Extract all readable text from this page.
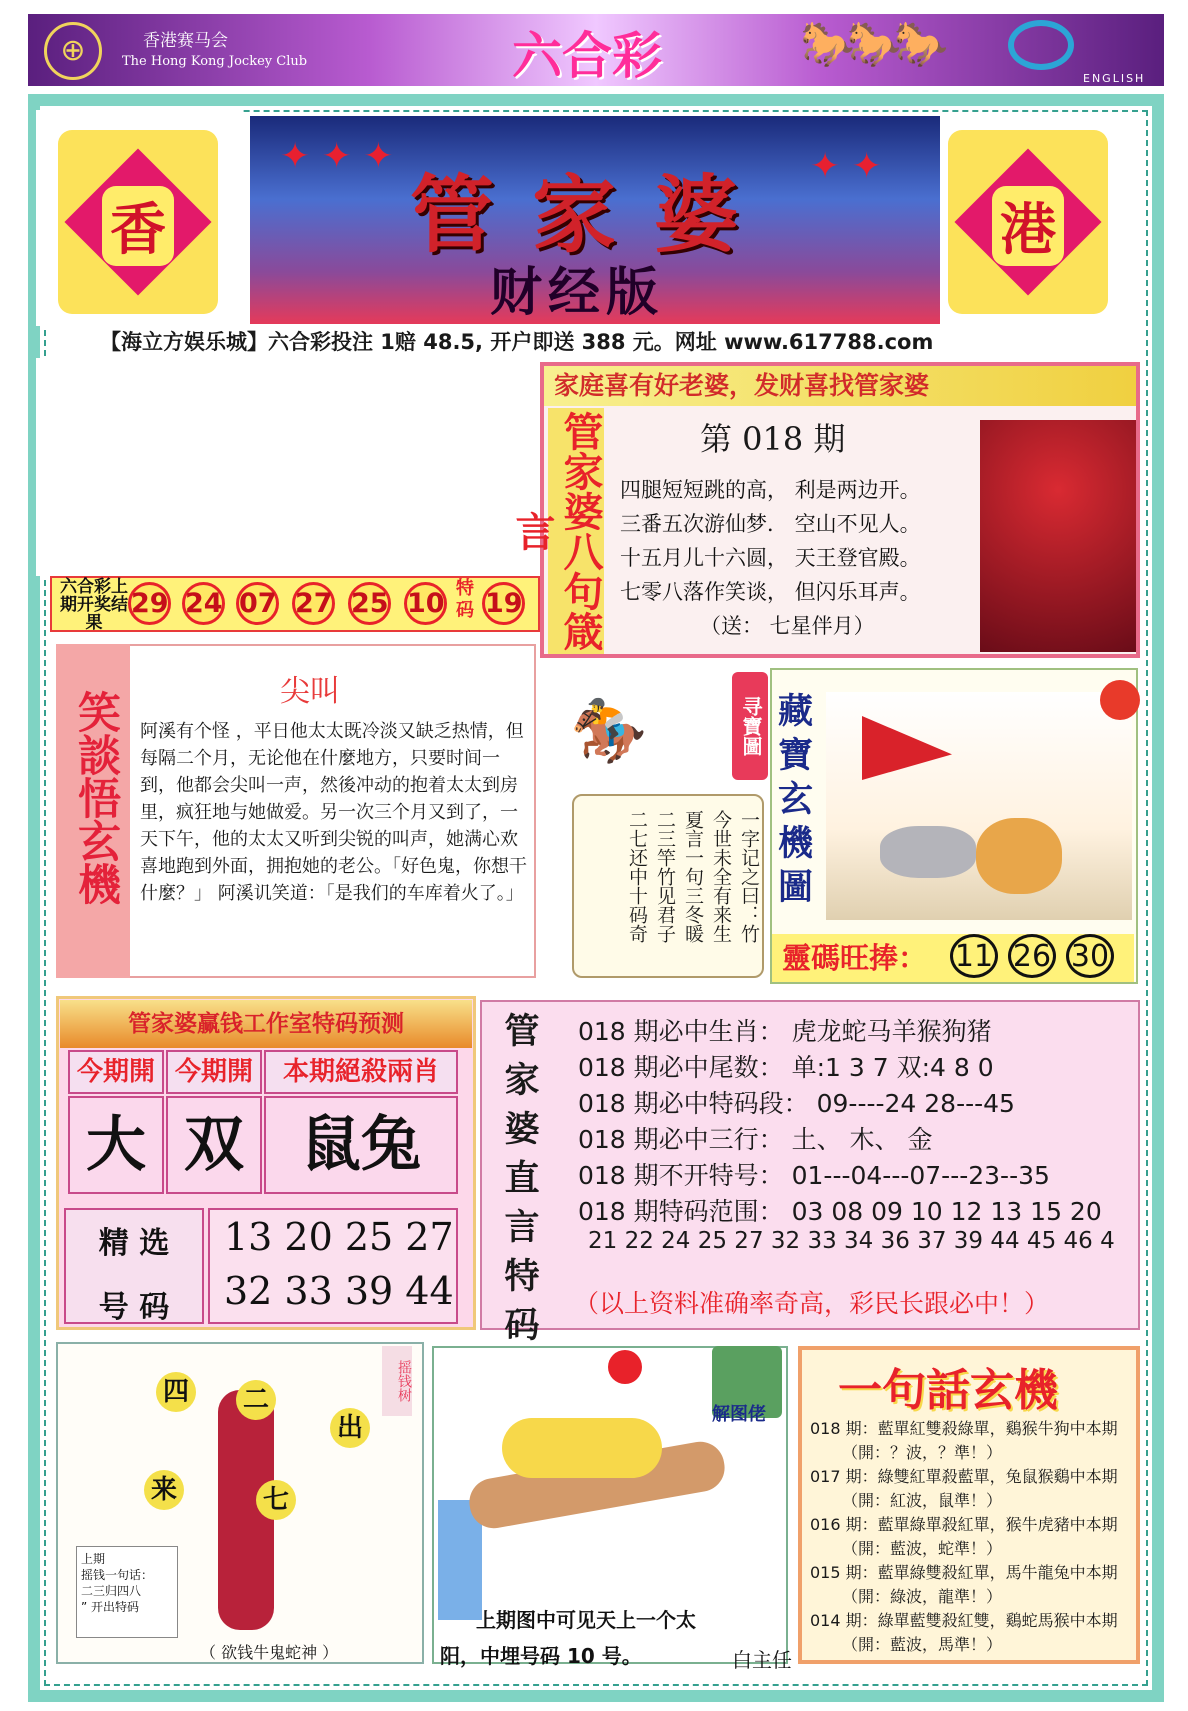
⊕	香港赛马会
The Hong Kong Jockey Club	六合彩	🐎🐎🐎
ENGLISH
香
✦ ✦ ✦	✦ ✦
管家婆
财经版
港
【海立方娱乐城】六合彩投注 1赔 48.5, 开户即送 388 元。网址 www.617788.com
六合彩上期开奖结果
29 24 07 27 25 10 特码 19
家庭喜有好老婆，发财喜找管家婆
管家婆八句箴言
第 018 期
四腿短短跳的高， 利是两边开。
三番五次游仙梦． 空山不见人。
十五月儿十六圆， 天王登官殿。
七零八落作笑谈， 但闪乐耳声。
（送： 七星伴月）
笑談悟玄機	尖叫
阿溪有个怪 ，平日他太太既冷淡又缺乏热情，但每隔二个月，无论他在什麼地方，只要时间一到，他都会尖叫一声，然後冲动的抱着太太到房里，疯狂地与她做爱。另一次三个月又到了，一天下午，他的太太又听到尖锐的叫声，她满心欢喜地跑到外面，拥抱她的老公。「好色鬼，你想干什麼？」 阿溪讥笑道：「是我们的车库着火了。」
🏇	寻寶圖
一字记之曰：竹
今世未全有来生
夏言一句三冬暖
二三竿竹见君子
二七还中十码奇
藏寶玄機圖
靈碼旺捧： 11 26 30
管家婆赢钱工作室特码预测
今期開 今期開	本期絕殺兩肖
大 双 鼠兔
精 选
号 码
13 20 25 27
32 33 39 44
管家婆直言特码
018 期必中生肖： 虎龙蛇马羊猴狗猪
018 期必中尾数： 单:1 3 7 双:4 8 0
018 期必中特码段： 09----24 28---45
018 期必中三行： 土、 木、 金
018 期不开特号： 01---04---07---23--35
018 期特码范围： 03 08 09 10 12 13 15 20
21 22 24 25 27 32 33 34 36 37 39 44 45 46 4
（以上资料准确率奇高，彩民长跟必中！）
四 二
出
来	七
摇钱树
上期
摇钱一句话：
二三归四八
” 开出特码
（ 欲钱牛鬼蛇神 ）
解图佬
上期图中可见天上一个太
阳，中埋号码 10 号。	白主任
一句話玄機
018 期：藍單紅雙殺綠單，鷄猴牛狗中本期
（開：？波，？準！）
017 期：綠雙紅單殺藍單，兔鼠猴鷄中本期
（開：紅波，鼠準！）
016 期：藍單綠單殺紅單，猴牛虎豬中本期
（開：藍波，蛇準！）
015 期：藍單綠雙殺紅單，馬牛龍兔中本期
（開：綠波，龍準！）
014 期：綠單藍雙殺紅雙，鷄蛇馬猴中本期
（開：藍波，馬準！）
